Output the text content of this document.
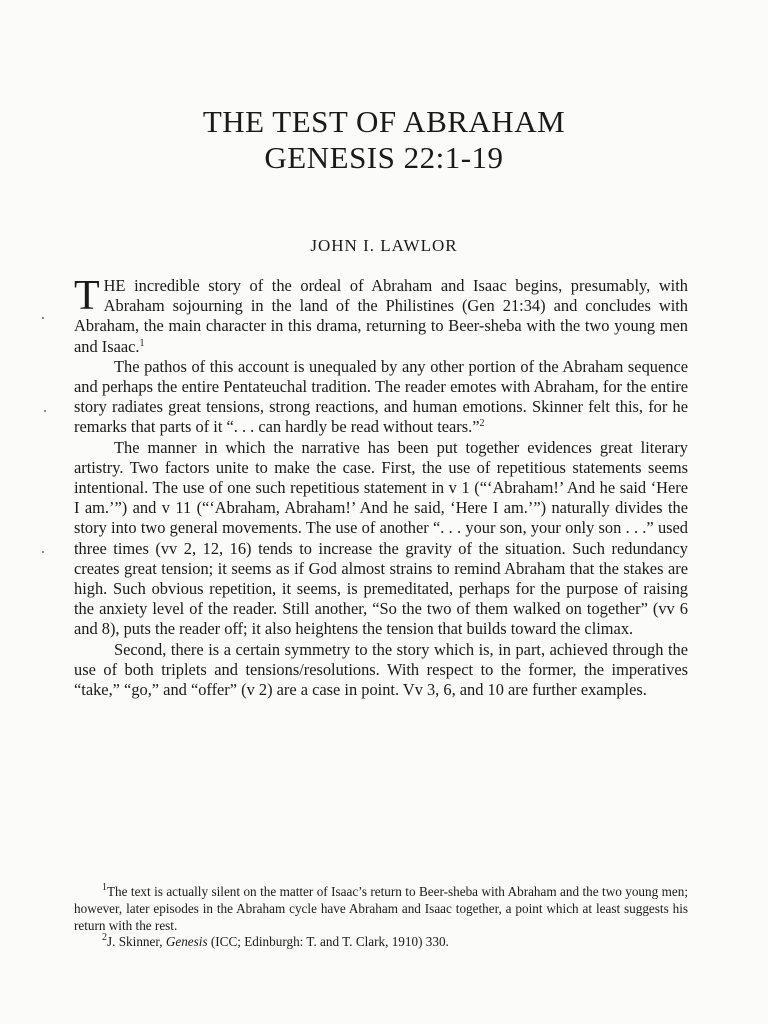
THE TEST OF ABRAHAM
GENESIS 22:1-19
JOHN I. LAWLOR

THE incredible story of the ordeal of Abraham and Isaac begins, presumably, with Abraham sojourning in the land of the Philistines (Gen 21:34) and concludes with Abraham, the main character in this drama, returning to Beer-sheba with the two young men and Isaac.$^1$

The pathos of this account is unequaled by any other portion of the Abraham sequence and perhaps the entire Pentateuchal tradition. The reader emotes with Abraham, for the entire story radiates great tensions, strong reactions, and human emotions. Skinner felt this, for he remarks that parts of it “. . . can hardly be read without tears.”$^2$

The manner in which the narrative has been put together evidences great literary artistry. Two factors unite to make the case. First, the use of repetitious statements seems intentional. The use of one such repetitious statement in v 1 (“‘Abraham!’ And he said ‘Here I am.’”) and v 11 (“‘Abraham, Abraham!’ And he said, ‘Here I am.’”) naturally divides the story into two general movements. The use of another “. . . your son, your only son . . .” used three times (vv 2, 12, 16) tends to increase the gravity of the situation. Such redundancy creates great tension; it seems as if God almost strains to remind Abraham that the stakes are high. Such obvious repetition, it seems, is premeditated, perhaps for the purpose of raising the anxiety level of the reader. Still another, “So the two of them walked on together” (vv 6 and 8), puts the reader off; it also heightens the tension that builds toward the climax.

Second, there is a certain symmetry to the story which is, in part, achieved through the use of both triplets and tensions/resolutions. With respect to the former, the imperatives “take,” “go,” and “offer” (v 2) are a case in point. Vv 3, 6, and 10 are further examples.

$^1$The text is actually silent on the matter of Isaac’s return to Beer-sheba with Abraham and the two young men; however, later episodes in the Abraham cycle have Abraham and Isaac together, a point which at least suggests his return with the rest.

$^2$J. Skinner, Genesis (ICC; Edinburgh: T. and T. Clark, 1910) 330.
